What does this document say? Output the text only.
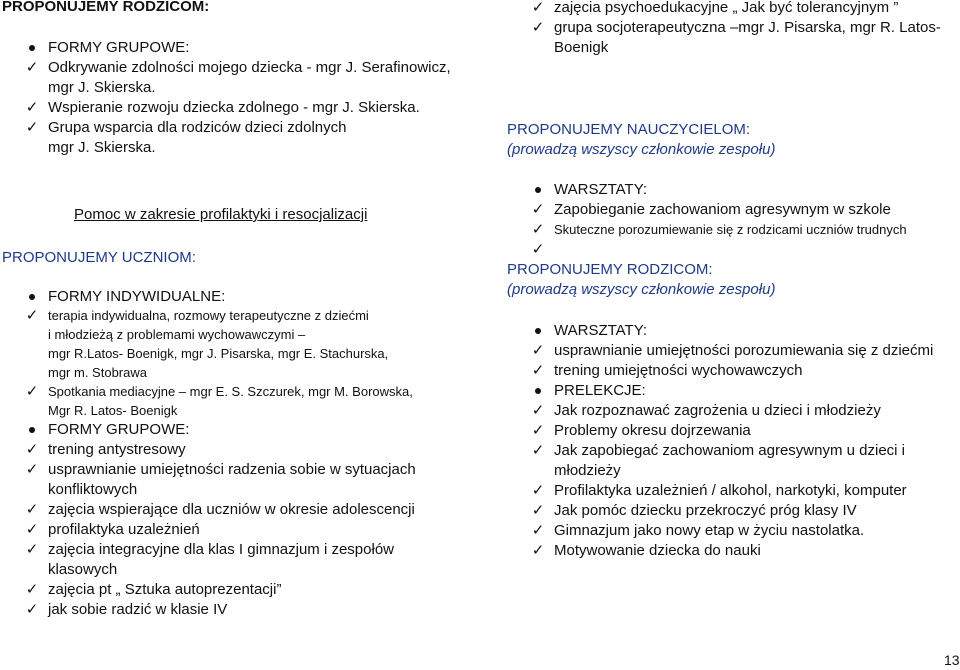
PROPONUJEMY RODZICOM:
FORMY GRUPOWE:
✓ Odkrywanie zdolności mojego dziecka - mgr J. Serafinowicz,
mgr J. Skierska.
✓ Wspieranie rozwoju dziecka zdolnego - mgr J. Skierska.
✓ Grupa wsparcia dla rodziców dzieci zdolnych
mgr J. Skierska.
Pomoc w zakresie profilaktyki i resocjalizacji
PROPONUJEMY UCZNIOM:
FORMY INDYWIDUALNE:
✓ terapia indywidualna, rozmowy terapeutyczne z dziećmi
i młodzieżą z problemami wychowawczymi –
mgr R.Latos- Boenigk, mgr J. Pisarska, mgr E. Stachurska,
mgr m. Stobrawa
✓ Spotkania mediacyjne – mgr E. S. Szczurek, mgr M. Borowska,
Mgr R. Latos- Boenigk
FORMY GRUPOWE:
✓ trening antystresowy
✓ usprawnianie umiejętności radzenia sobie w sytuacjach
konfliktowych
✓ zajęcia wspierające dla uczniów w okresie adolescencji
✓ profilaktyka uzależnień
✓ zajęcia integracyjne dla klas I gimnazjum i zespołów
klasowych
✓ zajęcia pt „ Sztuka autoprezentacji”
✓ jak sobie radzić w klasie IV
✓ zajęcia psychoedukacyjne „ Jak być tolerancyjnym ”
✓ grupa socjoterapeutyczna –mgr J. Pisarska, mgr R. Latos-
Boenigk
PROPONUJEMY NAUCZYCIELOM:
(prowadzą wszyscy członkowie zespołu)
WARSZTATY:
✓ Zapobieganie zachowaniom agresywnym w szkole
✓ Skuteczne porozumiewanie się z rodzicami uczniów trudnych
✓
PROPONUJEMY RODZICOM:
(prowadzą wszyscy członkowie zespołu)
WARSZTATY:
✓ usprawnianie umiejętności porozumiewania się z dziećmi
✓ trening umiejętności wychowawczych
PRELEKCJE:
✓ Jak rozpoznawać zagrożenia u dzieci i młodzieży
✓ Problemy okresu dojrzewania
✓ Jak zapobiegać zachowaniom agresywnym u dzieci i
młodzieży
✓ Profilaktyka uzależnień / alkohol, narkotyki, komputer
✓ Jak pomóc dziecku przekroczyć próg klasy IV
✓ Gimnazjum jako nowy etap w życiu nastolatka.
✓ Motywowanie dziecka do nauki
13
